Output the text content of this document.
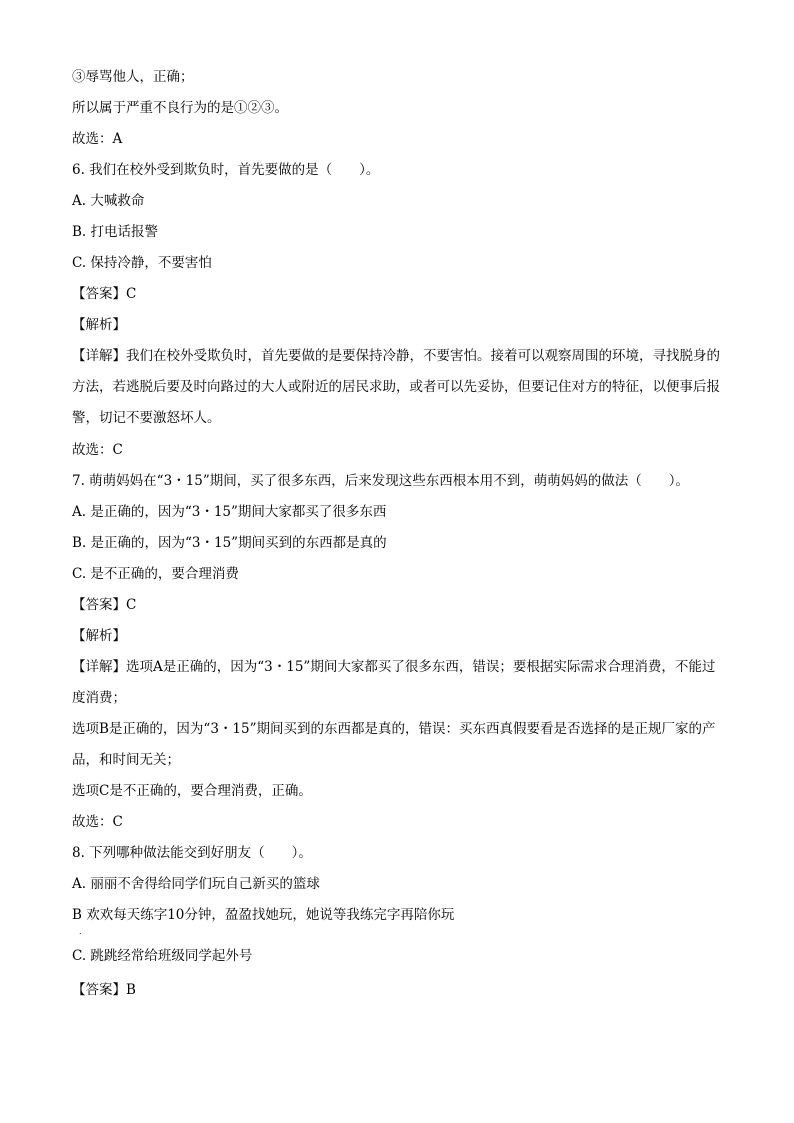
③辱骂他人，正确；
所以属于严重不良行为的是①②③。
故选：A
6. 我们在校外受到欺负时，首先要做的是（　　）。
A. 大喊救命
B. 打电话报警
C. 保持冷静，不要害怕
【答案】C
【解析】
【详解】我们在校外受欺负时，首先要做的是要保持冷静，不要害怕。接着可以观察周围的环境，寻找脱身的方法，若逃脱后要及时向路过的大人或附近的居民求助，或者可以先妥协，但要记住对方的特征，以便事后报警，切记不要激怒坏人。
故选：C
7. 萌萌妈妈在“3・15”期间，买了很多东西，后来发现这些东西根本用不到，萌萌妈妈的做法（　　）。
A. 是正确的，因为“3・15”期间大家都买了很多东西
B. 是正确的，因为“3・15”期间买到的东西都是真的
C. 是不正确的，要合理消费
【答案】C
【解析】
【详解】选项A是正确的，因为“3・15”期间大家都买了很多东西，错误；要根据实际需求合理消费，不能过度消费；
选项B是正确的，因为“3・15”期间买到的东西都是真的，错误：买东西真假要看是否选择的是正规厂家的产品，和时间无关；
选项C是不正确的，要合理消费，正确。
故选：C
8. 下列哪种做法能交到好朋友（　　）。
A. 丽丽不舍得给同学们玩自己新买的篮球
B 欢欢每天练字10分钟，盈盈找她玩，她说等我练完字再陪你玩
.
C. 跳跳经常给班级同学起外号
【答案】B
